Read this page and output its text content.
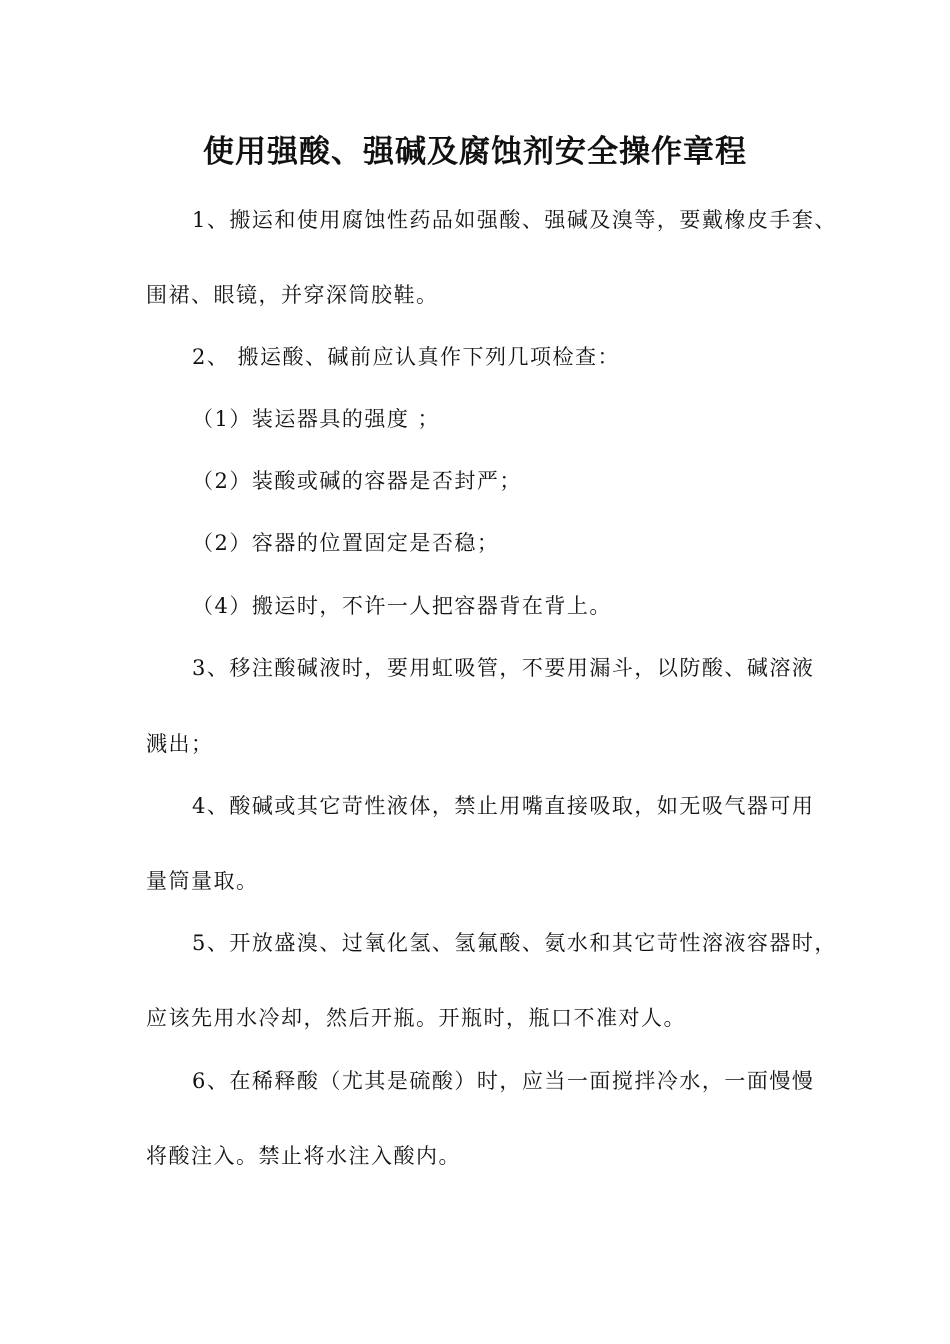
使用强酸、强碱及腐蚀剂安全操作章程
1、搬运和使用腐蚀性药品如强酸、强碱及溴等，要戴橡皮手套、
围裙、眼镜，并穿深筒胶鞋。
2、 搬运酸、碱前应认真作下列几项检查：
（1）装运器具的强度 ；
（2）装酸或碱的容器是否封严；
（2）容器的位置固定是否稳；
（4）搬运时，不许一人把容器背在背上。
3、移注酸碱液时，要用虹吸管，不要用漏斗，以防酸、碱溶液
溅出；
4、酸碱或其它苛性液体，禁止用嘴直接吸取，如无吸气器可用
量筒量取。
5、开放盛溴、过氧化氢、氢氟酸、氨水和其它苛性溶液容器时，
应该先用水冷却，然后开瓶。开瓶时，瓶口不准对人。
6、在稀释酸（尤其是硫酸）时，应当一面搅拌冷水，一面慢慢
将酸注入。禁止将水注入酸内。
